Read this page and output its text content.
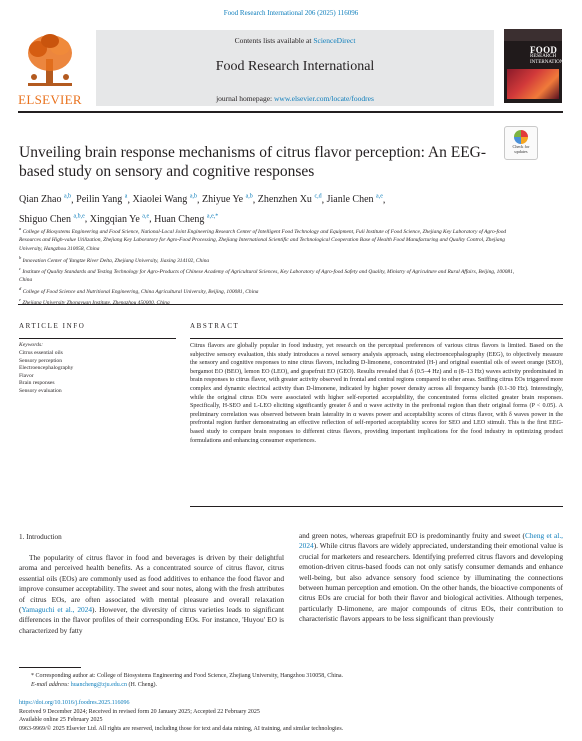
Food Research International 206 (2025) 116096
ELSEVIER
Contents lists available at ScienceDirect
Food Research International
journal homepage: www.elsevier.com/locate/foodres
FOOD
RESEARCH INTERNATIONAL
Unveiling brain response mechanisms of citrus flavor perception: An EEG-based study on sensory and cognitive responses
Check for
updates
Qian Zhao $^{a,b}$, Peilin Yang $^a$, Xiaolei Wang $^{a,b}$, Zhiyue Ye $^{a,b}$, Zhenzhen Xu $^{c,d}$, Jianle Chen $^{a,e}$,
Shiguo Chen $^{a,b,e}$, Xingqian Ye $^{a,e}$, Huan Cheng $^{a,e,*}$

$^a$ College of Biosystems Engineering and Food Science, National-Local Joint Engineering Research Center of Intelligent Food Technology and Equipment, Fuli Institute of Food Science, Zhejiang Key Laboratory of Agro-food Resources and High-value Utilization, Zhejiang Key Laboratory for Agro-Food Processing, Zhejiang International Scientific and Technological Cooperation Base of Health Food Manufacturing and Quality Control, Zhejiang University, Hangzhou 310058, China

$^b$ Innovation Center of Yangtze River Delta, Zhejiang University, Jiaxing 314102, China

$^c$ Institute of Quality Standards and Testing Technology for Agro-Products of Chinese Academy of Agricultural Sciences, Key Laboratory of Agro-food Safety and Quality, Ministry of Agriculture and Rural Affairs, Beijing, 100081, China

$^d$ College of Food Science and Nutritional Engineering, China Agricultural University, Beijing, 100081, China

$^e$

ARTICLE INFO	ABSTRACT
Keywords:
Citrus essential oils
Sensory perception
Electroencephalography
Flavor
Brain responses
Sensory evaluation
Citrus flavors are globally popular in food industry, yet research on the perceptual preferences of various citrus flavors is limited. Based on the subjective sensory evaluation, this study introduces a novel sensory analysis approach, using electroencephalography (EEG), to objectively measure the sensory and cognitive responses to nine citrus flavors, including D-limonene, concentrated (H-) and original essential oils of sweet orange (SEO), bergamot EO (BEO), lemon EO (LEO), and grapefruit EO (GEO). Results revealed that δ (0.5–4 Hz) and α (8–13 Hz) waves activity predominated in brain responses to citrus flavor, with greater activity observed in frontal and central regions compared to other areas. Sniffing citrus EOs triggered more complex and dynamic electrical activity than D-limonene, indicated by higher power density across all frequency bands (0.1-30 Hz). Interestingly, while the original citrus EOs were associated with higher self-reported acceptability, the concentrated forms elicited greater brain responses. Specifically, H-SEO and L-LEO eliciting significantly greater δ and α wave activity in the prefrontal region than their original forms (P < 0.05). A preliminary correlation was observed between brain laterality in α waves power and acceptability scores of citrus flavor, with δ waves power in the prefrontal region further demonstrating an effective reflection of self-reported acceptability scores for SEO and LEO stimuli. This is the first EEG-based study to compare brain responses to different citrus flavors, providing important implications for the food industry in optimizing product formulations and enhancing consumer experiences.
1. Introduction

The popularity of citrus flavor in food and beverages is driven by their delightful aroma and perceived health benefits. As a concentrated source of citrus flavor, citrus essential oils (EOs) are commonly used as food additives to enhance the food flavor and improve consumer acceptability. The sweet and sour notes, along with the fresh attributes of citrus EOs, are often associated with mental pleasure and overall relaxation (Yamaguchi et al., 2024). However, the diversity of citrus varieties leads to significant differences in the flavor profiles of their corresponding EOs. For instance, 'Huyou' EO is characterized by fatty

and green notes, whereas grapefruit EO is predominantly fruity and sweet (Cheng et al., 2024). While citrus flavors are widely appreciated, understanding their emotional value is crucial for marketers and researchers. Identifying preferred citrus flavors and developing emotion-driven citrus-based foods can not only satisfy consumer demands and enhance well-being, but also advance sensory food science by illuminating the connections between human perception and emotion. On the other hands, the bioactive components of citrus EOs are crucial for both their flavor and biological activities. Although terpenes, particularly D-limonene, are major compounds of citrus EOs, their contribution to characteristic flavors appears to be less significant than previously

* Corresponding author at: College of Biosystems Engineering and Food Science, Zhejiang University, Hangzhou 310058, China.
E-mail address: huancheng@zju.edu.cn (H. Cheng).
https://doi.org/10.1016/j.foodres.2025.116096
Received 9 December 2024; Received in revised form 20 January 2025; Accepted 22 February 2025
Available online 25 February 2025
0963-9969/© 2025 Elsevier Ltd. All rights are reserved, including those for text and data mining, AI training, and similar technologies.
